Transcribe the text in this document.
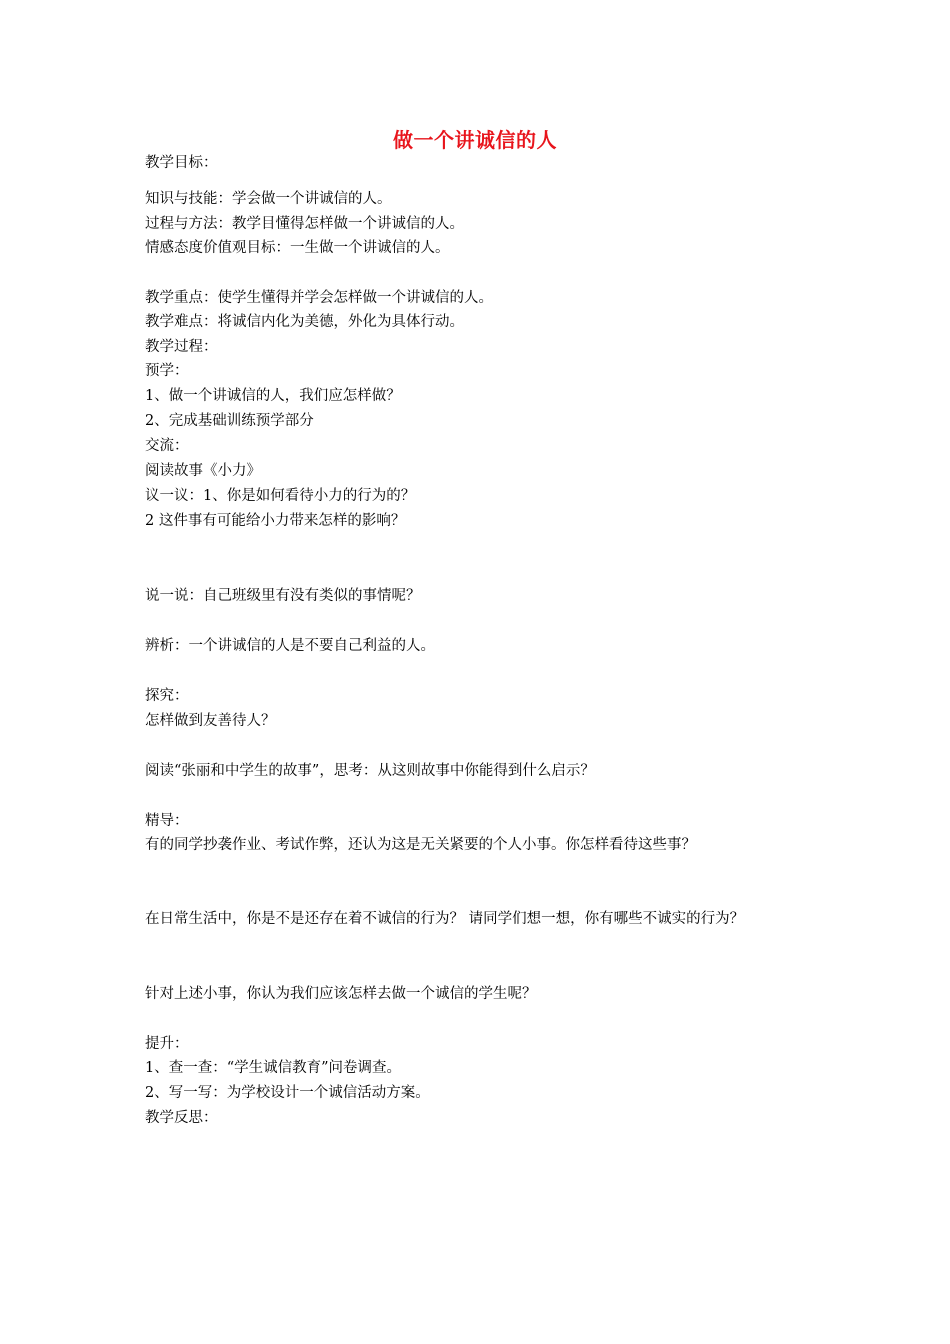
做一个讲诚信的人
教学目标：
知识与技能：学会做一个讲诚信的人。
过程与方法：教学目懂得怎样做一个讲诚信的人。
情感态度价值观目标：一生做一个讲诚信的人。
教学重点：使学生懂得并学会怎样做一个讲诚信的人。
教学难点：将诚信内化为美德，外化为具体行动。
教学过程：
预学：
1、做一个讲诚信的人，我们应怎样做？
2、完成基础训练预学部分
交流：
阅读故事《小力》
议一议：1、你是如何看待小力的行为的？
2 这件事有可能给小力带来怎样的影响？
说一说：自己班级里有没有类似的事情呢？
辨析：一个讲诚信的人是不要自己利益的人。
探究：
怎样做到友善待人？
阅读“张丽和中学生的故事”，思考：从这则故事中你能得到什么启示？
精导：
有的同学抄袭作业、考试作弊，还认为这是无关紧要的个人小事。你怎样看待这些事？
在日常生活中，你是不是还存在着不诚信的行为？ 请同学们想一想，你有哪些不诚实的行为？
针对上述小事，你认为我们应该怎样去做一个诚信的学生呢？
提升：
1、查一查：“学生诚信教育”问卷调查。
2、写一写：为学校设计一个诚信活动方案。
教学反思：
